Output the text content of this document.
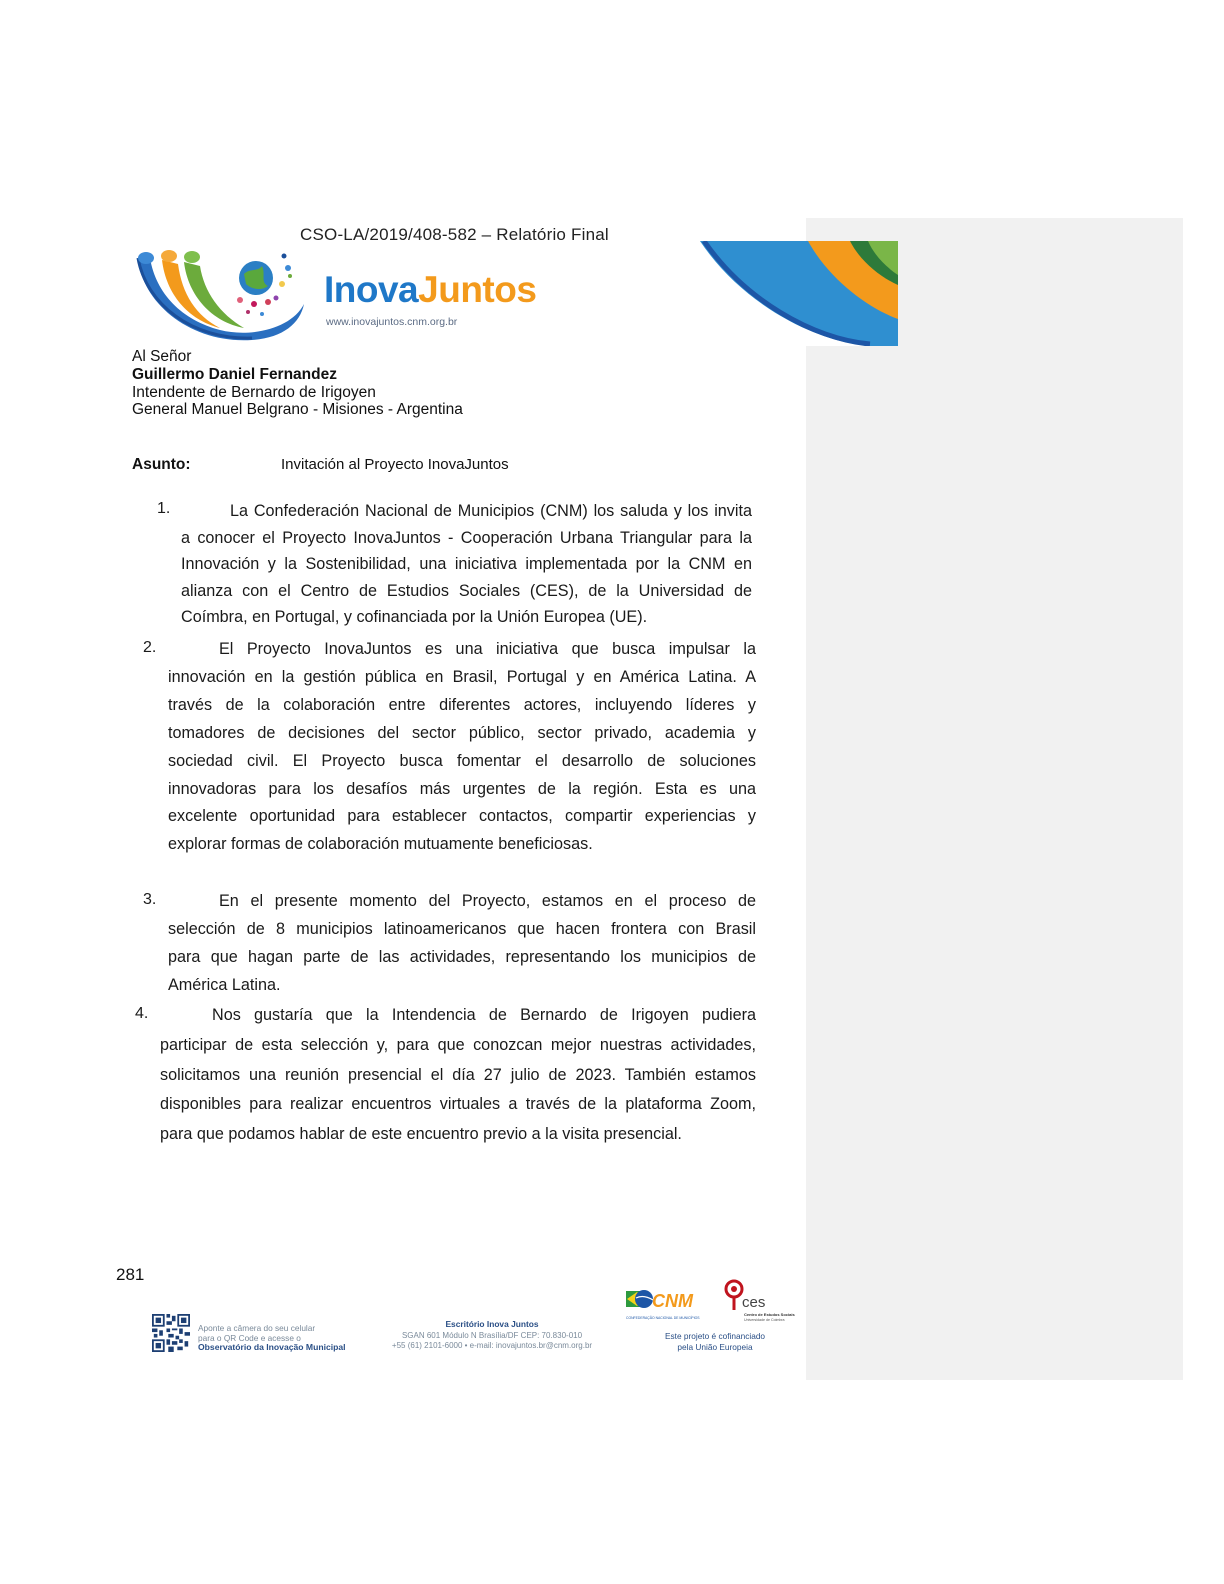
CSO-LA/2019/408-582 – Relatório Final
InovaJuntos
www.inovajuntos.cnm.org.br
Al Señor
Guillermo Daniel Fernandez
Intendente de Bernardo de Irigoyen
General Manuel Belgrano - Misiones - Argentina
Asunto:	Invitación al Proyecto InovaJuntos
1.	La Confederación Nacional de Municipios (CNM) los saluda y los invita
a conocer el Proyecto InovaJuntos - Cooperación Urbana Triangular para la
Innovación y la Sostenibilidad, una iniciativa implementada por la CNM en
alianza con el Centro de Estudios Sociales (CES), de la Universidad de
Coímbra, en Portugal, y cofinanciada por la Unión Europea (UE).
2.	El Proyecto InovaJuntos es una iniciativa que busca impulsar la
innovación en la gestión pública en Brasil, Portugal y en América Latina. A
través de la colaboración entre diferentes actores, incluyendo líderes y
tomadores de decisiones del sector público, sector privado, academia y
sociedad civil. El Proyecto busca fomentar el desarrollo de soluciones
innovadoras para los desafíos más urgentes de la región. Esta es una
excelente oportunidad para establecer contactos, compartir experiencias y
explorar formas de colaboración mutuamente beneficiosas.
3.	En el presente momento del Proyecto, estamos en el proceso de
selección de 8 municipios latinoamericanos que hacen frontera con Brasil
para que hagan parte de las actividades, representando los municipios de
América Latina.
4.	Nos gustaría que la Intendencia de Bernardo de Irigoyen pudiera
participar de esta selección y, para que conozcan mejor nuestras actividades,
solicitamos una reunión presencial el día 27 julio de 2023. También estamos
disponibles para realizar encuentros virtuales a través de la plataforma Zoom,
para que podamos hablar de este encuentro previo a la visita presencial.
281
Aponte a câmera do seu celular
para o QR Code e acesse o
Observatório da Inovação Municipal
Escritório Inova Juntos
SGAN 601 Módulo N Brasília/DF CEP: 70.830-010
+55 (61) 2101-6000 • e-mail: inovajuntos.br@cnm.org.br
CNM
CONFEDERAÇÃO NACIONAL DE MUNICÍPIOS
ces
Centro de Estudos Sociais
Universidade de Coimbra
Este projeto é cofinanciado
pela União Europeia
